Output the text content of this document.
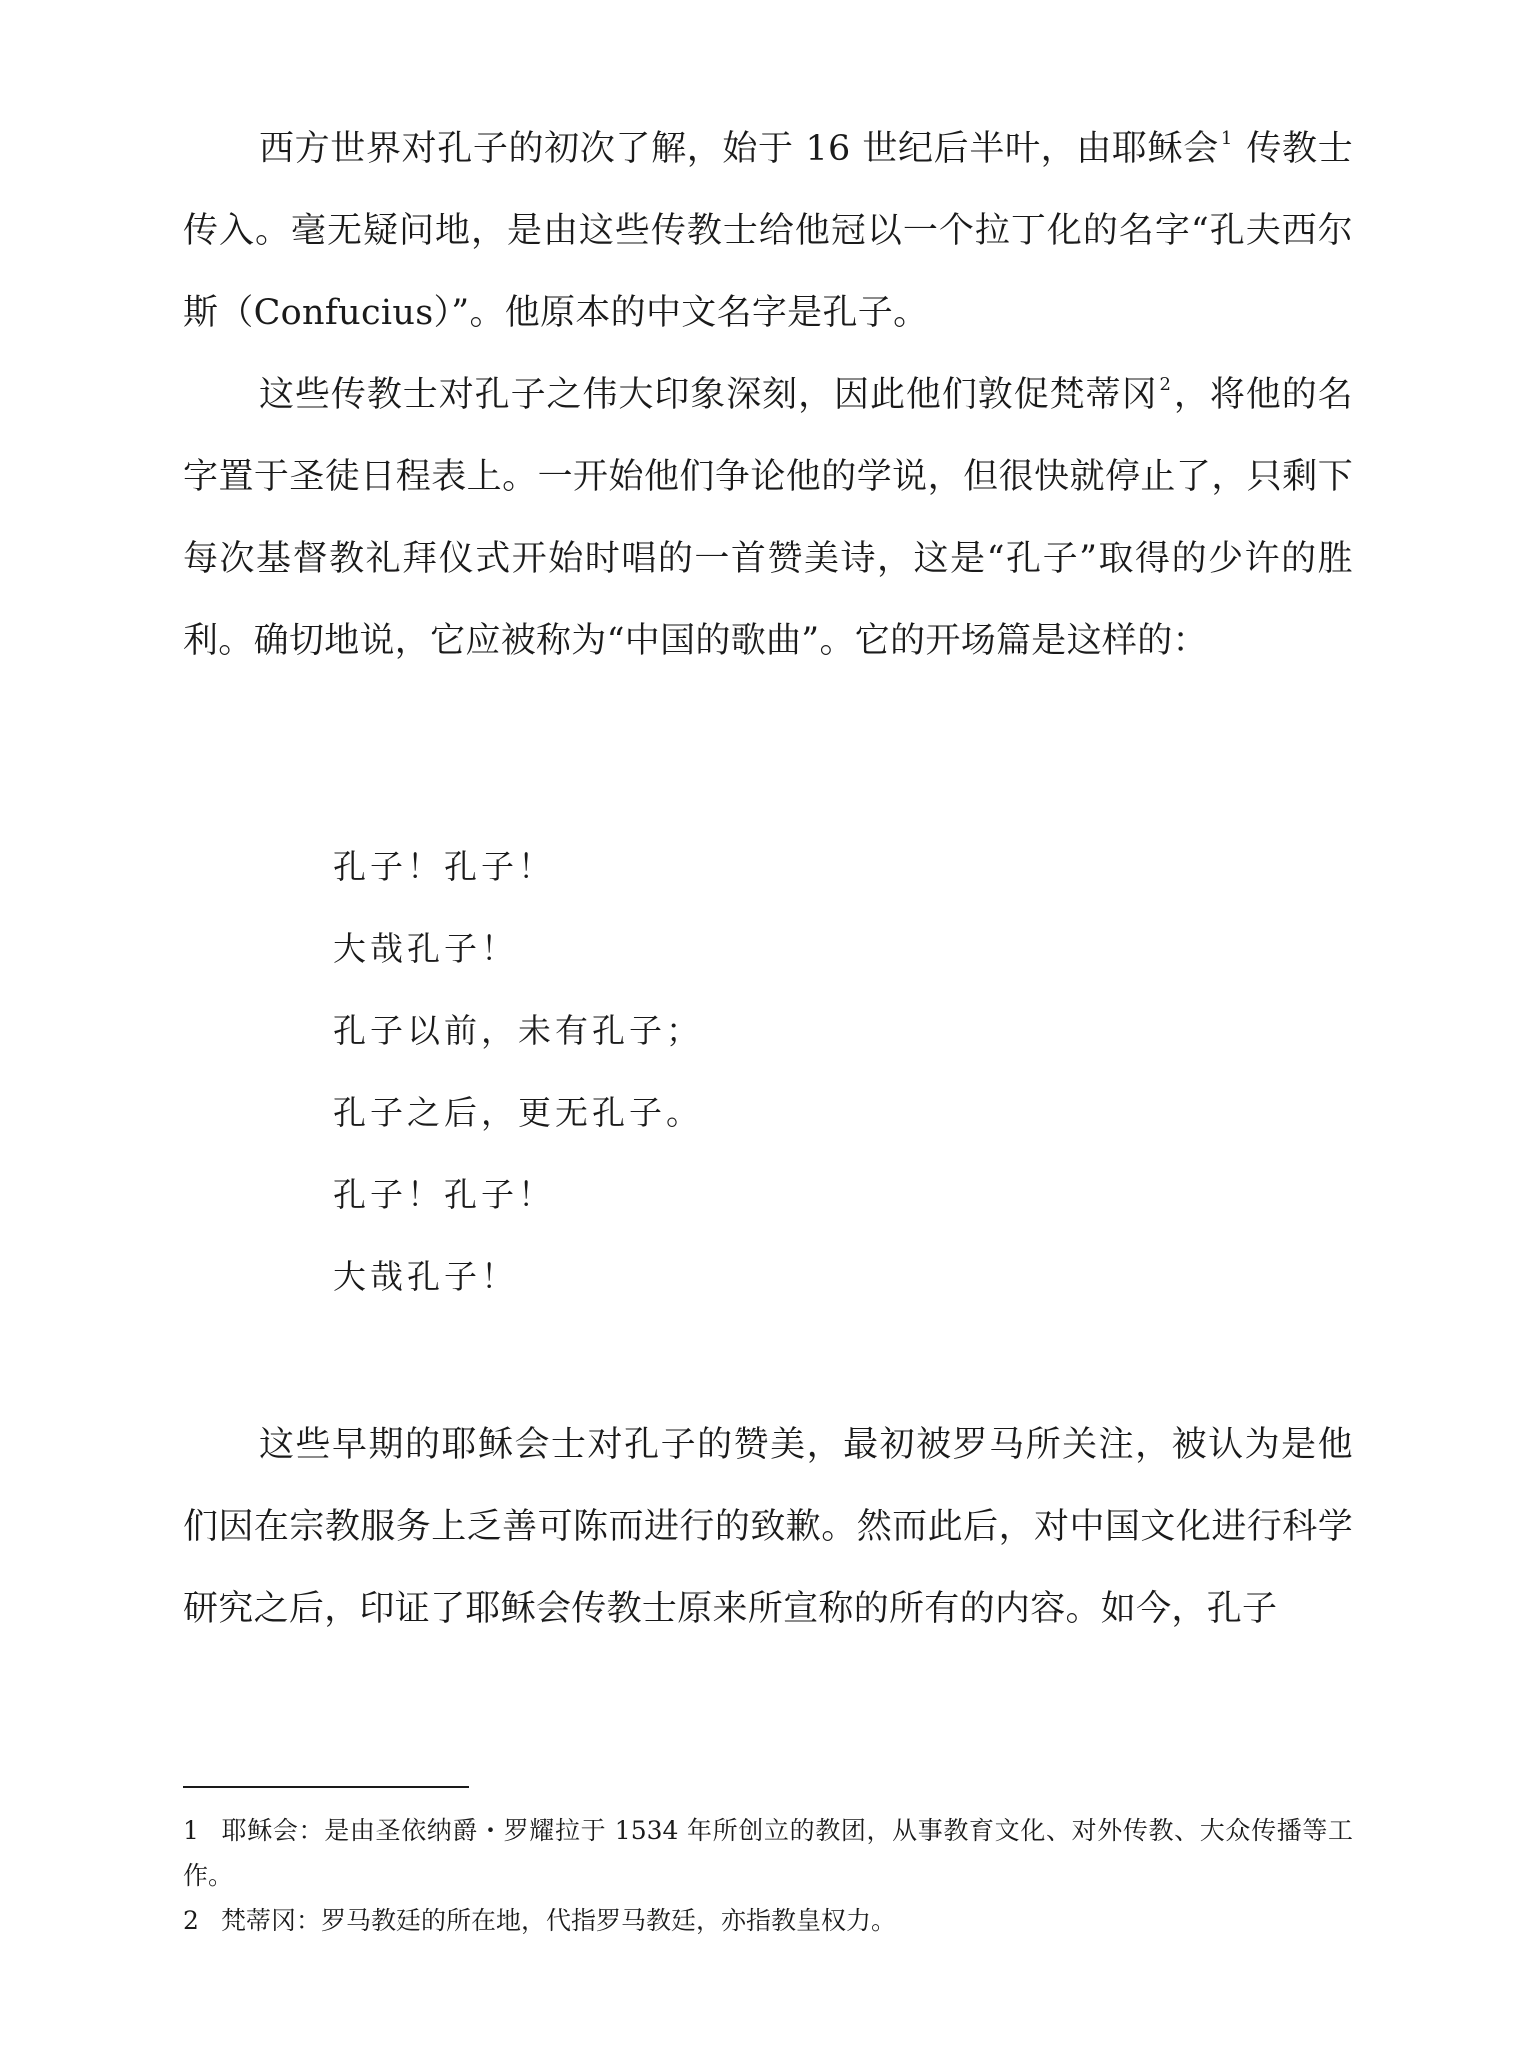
西方世界对孔子的初次了解，始于 16 世纪后半叶，由耶稣会 $^1$ 传教士传入。毫无疑问地，是由这些传教士给他冠以一个拉丁化的名字“孔夫西尔斯（Confucius）”。他原本的中文名字是孔子。

这些传教士对孔子之伟大印象深刻，因此他们敦促梵蒂冈 $^2$，将他的名字置于圣徒日程表上。一开始他们争论他的学说，但很快就停止了，只剩下每次基督教礼拜仪式开始时唱的一首赞美诗，这是“孔子”取得的少许的胜利。确切地说，它应被称为“中国的歌曲”。它的开场篇是这样的：

孔子！孔子！
大哉孔子！
孔子以前，未有孔子；
孔子之后，更无孔子。
孔子！孔子！
大哉孔子！

这些早期的耶稣会士对孔子的赞美，最初被罗马所关注，被认为是他们因在宗教服务上乏善可陈而进行的致歉。然而此后，对中国文化进行科学研究之后，印证了耶稣会传教士原来所宣称的所有的内容。如今，孔子

1 耶稣会：是由圣依纳爵・罗耀拉于 1534 年所创立的教团，从事教育文化、对外传教、大众传播等工作。
2 梵蒂冈：罗马教廷的所在地，代指罗马教廷，亦指教皇权力。
